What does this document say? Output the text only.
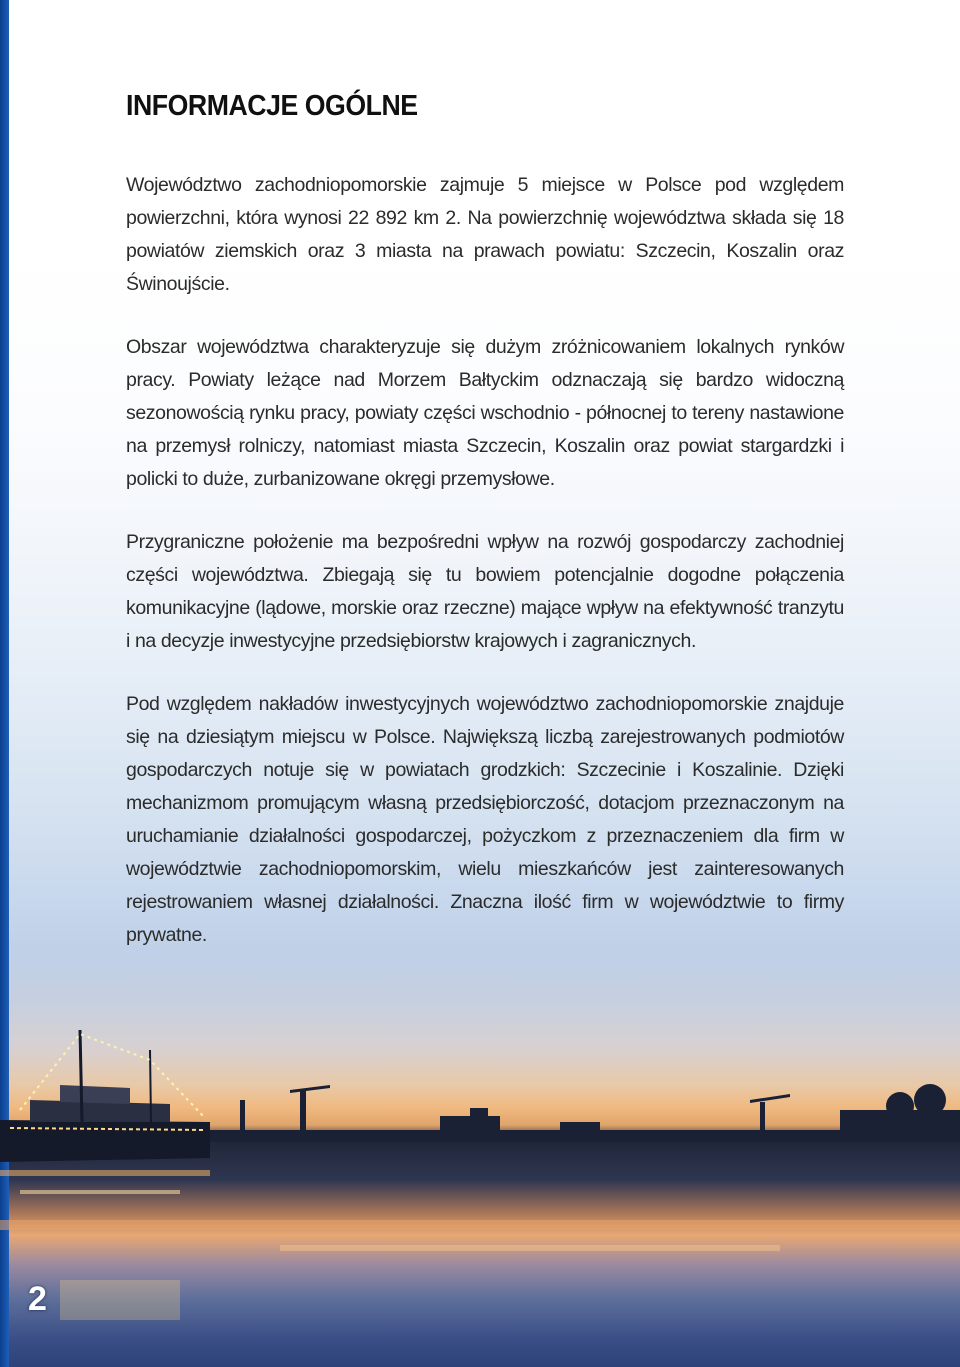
INFORMACJE OGÓLNE

Województwo zachodniopomorskie zajmuje 5 miejsce w Polsce pod względem powierzchni, która wynosi 22 892 km 2. Na powierzchnię województwa składa się 18 powiatów ziemskich oraz 3 miasta na prawach powiatu: Szczecin, Koszalin oraz Świnoujście.

Obszar województwa charakteryzuje się dużym zróżnicowaniem lokalnych rynków pracy. Powiaty leżące nad Morzem Bałtyckim odznaczają się bardzo widoczną sezonowością rynku pracy, powiaty części wschodnio - północnej to tereny nastawione na przemysł rolniczy, natomiast miasta Szczecin, Koszalin oraz powiat stargardzki i policki to duże, zurbanizowane okręgi przemysłowe.

Przygraniczne położenie ma bezpośredni wpływ na rozwój gospodarczy zachodniej części województwa. Zbiegają się tu bowiem potencjalnie dogodne połączenia komunikacyjne (lądowe, morskie oraz rzeczne) mające wpływ na efektywność tranzytu i na decyzje inwestycyjne przedsiębiorstw krajowych i zagranicznych.

Pod względem nakładów inwestycyjnych województwo zachodniopomorskie znajduje się na dziesiątym miejscu w Polsce. Największą liczbą zarejestrowanych podmiotów gospodarczych notuje się w powiatach grodzkich: Szczecinie i Koszalinie. Dzięki mechanizmom promującym własną przedsiębiorczość, dotacjom przeznaczonym na uruchamianie działalności gospodarczej, pożyczkom z przeznaczeniem dla firm w województwie zachodniopomorskim, wielu mieszkańców jest zainteresowanych rejestrowaniem własnej działalności. Znaczna ilość firm w województwie to firmy prywatne.

2
